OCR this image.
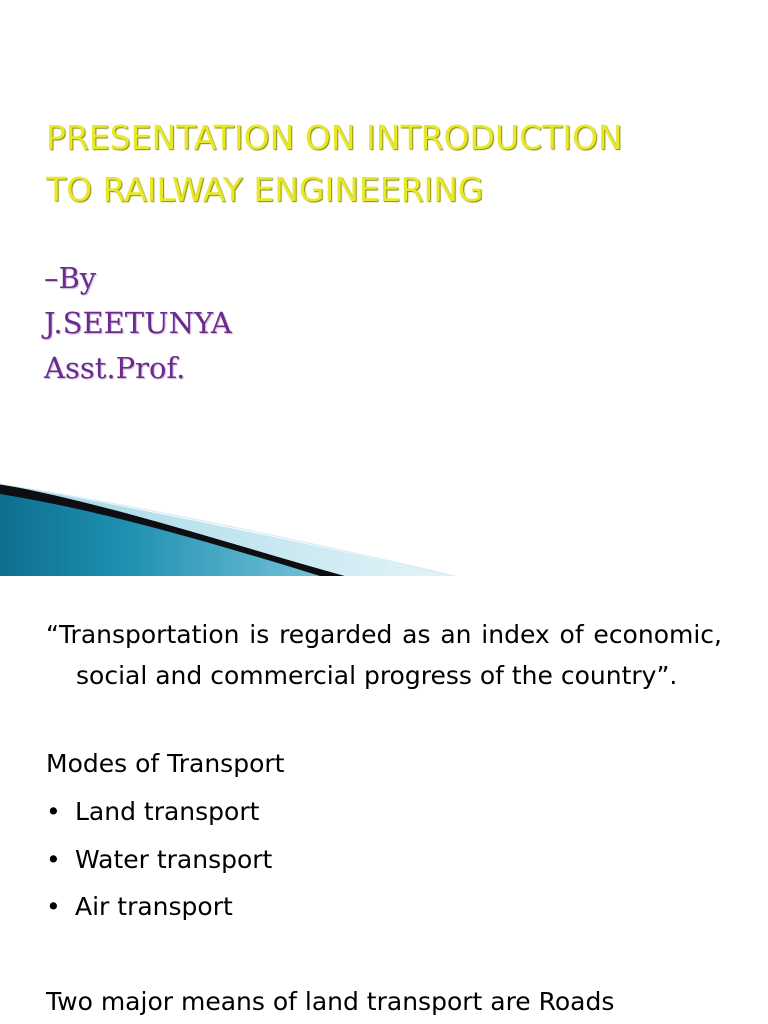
PRESENTATION ON INTRODUCTION
TO RAILWAY ENGINEERING
–By
J.SEETUNYA
Asst.Prof.

“Transportation is regarded as an index of economic, social and commercial progress of the country”.

Modes of Transport

• Land transport
• Water transport
• Air transport

Two major means of land transport are Roads
